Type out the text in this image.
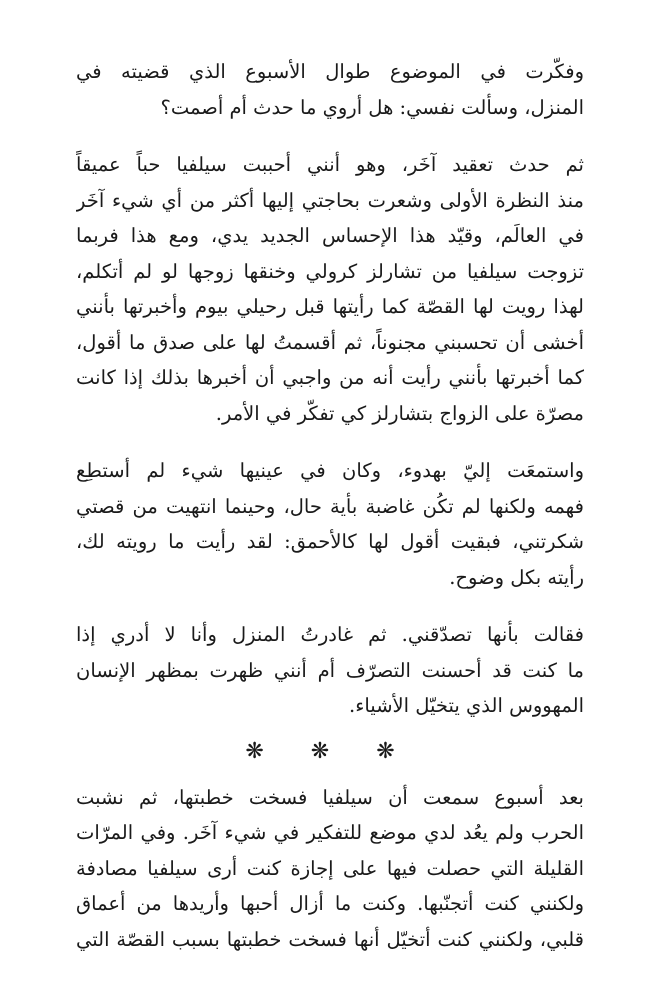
وفكّرت في الموضوع طوال الأسبوع الذي قضيته في
المنزل، وسألت نفسي: هل أروي ما حدث أم أصمت؟
ثم حدث تعقيد آخَر، وهو أنني أحببت سيلفيا حباً عميقاً
منذ النظرة الأولى وشعرت بحاجتي إليها أكثر من أي شيء آخَر
في العالَم، وقيّد هذا الإحساس الجديد يدي، ومع هذا فربما
تزوجت سيلفيا من تشارلز كرولي وخنقها زوجها لو لم أتكلم،
لهذا رويت لها القصّة كما رأيتها قبل رحيلي بيوم وأخبرتها بأنني
أخشى أن تحسبني مجنوناً، ثم أقسمتُ لها على صدق ما أقول،
كما أخبرتها بأنني رأيت أنه من واجبي أن أخبرها بذلك إذا كانت
مصرّة على الزواج بتشارلز كي تفكّر في الأمر.
واستمعَت إليّ بهدوء، وكان في عينيها شيء لم أستطِع
فهمه ولكنها لم تكُن غاضبة بأية حال، وحينما انتهيت من قصتي
شكرتني، فبقيت أقول لها كالأحمق: لقد رأيت ما رويته لك،
رأيته بكل وضوح.
فقالت بأنها تصدّقني. ثم غادرتُ المنزل وأنا لا أدري إذا
ما كنت قد أحسنت التصرّف أم أنني ظهرت بمظهر الإنسان
المهووس الذي يتخيّل الأشياء.
❋ ❋ ❋
بعد أسبوع سمعت أن سيلفيا فسخت خطبتها، ثم نشبت
الحرب ولم يعُد لدي موضع للتفكير في شيء آخَر. وفي المرّات
القليلة التي حصلت فيها على إجازة كنت أرى سيلفيا مصادفة
ولكنني كنت أتجنّبها. وكنت ما أزال أحبها وأريدها من أعماق
قلبي، ولكنني كنت أتخيّل أنها فسخت خطبتها بسبب القصّة التي
